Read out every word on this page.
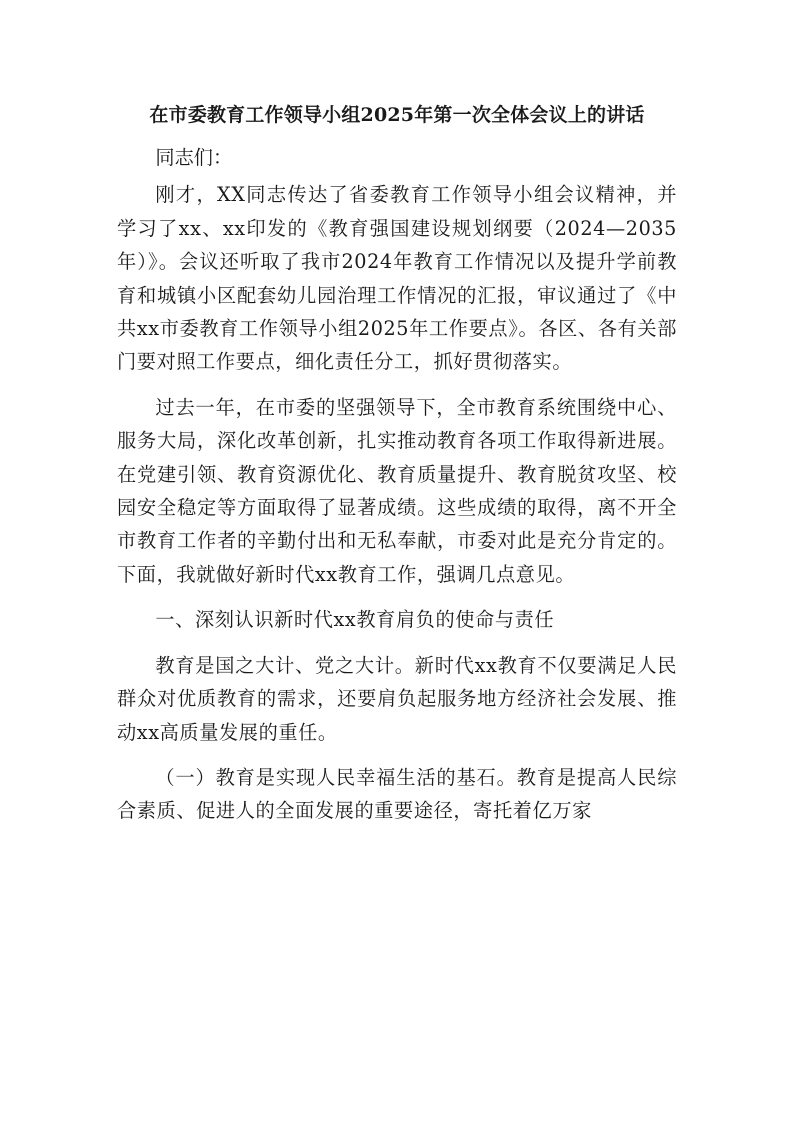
在市委教育工作领导小组2025年第一次全体会议上的讲话

同志们：

刚才，XX同志传达了省委教育工作领导小组会议精神，并学习了xx、xx印发的《教育强国建设规划纲要（2024—2035年）》。会议还听取了我市2024年教育工作情况以及提升学前教育和城镇小区配套幼儿园治理工作情况的汇报，审议通过了《中共xx市委教育工作领导小组2025年工作要点》。各区、各有关部门要对照工作要点，细化责任分工，抓好贯彻落实。

过去一年，在市委的坚强领导下，全市教育系统围绕中心、服务大局，深化改革创新，扎实推动教育各项工作取得新进展。在党建引领、教育资源优化、教育质量提升、教育脱贫攻坚、校园安全稳定等方面取得了显著成绩。这些成绩的取得，离不开全市教育工作者的辛勤付出和无私奉献，市委对此是充分肯定的。下面，我就做好新时代xx教育工作，强调几点意见。

一、深刻认识新时代xx教育肩负的使命与责任

教育是国之大计、党之大计。新时代xx教育不仅要满足人民群众对优质教育的需求，还要肩负起服务地方经济社会发展、推动xx高质量发展的重任。

（一）教育是实现人民幸福生活的基石。教育是提高人民综合素质、促进人的全面发展的重要途径，寄托着亿万家
